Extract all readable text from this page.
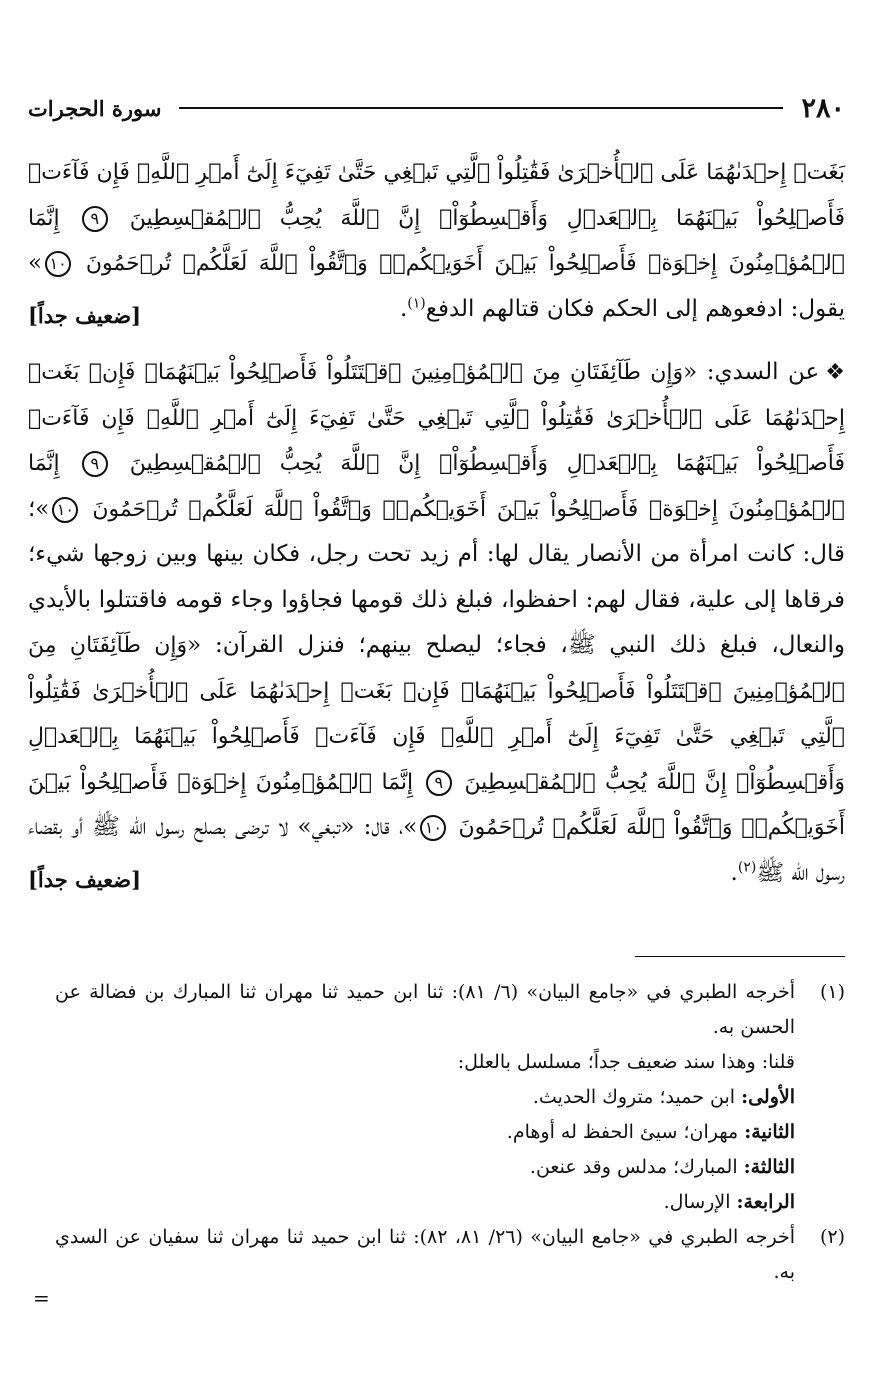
٢٨٠
سورة الحجرات

بَغَتۡ إِحۡدَىٰهُمَا عَلَى ٱلۡأُخۡرَىٰ فَقَٰتِلُواْ ٱلَّتِي تَبۡغِي حَتَّىٰ تَفِيٓءَ إِلَىٰٓ أَمۡرِ ٱللَّهِۚ فَإِن فَآءَتۡ فَأَصۡلِحُواْ بَيۡنَهُمَا بِٱلۡعَدۡلِ وَأَقۡسِطُوٓاْۖ إِنَّ ٱللَّهَ يُحِبُّ ٱلۡمُقۡسِطِينَ ٩ إِنَّمَا ٱلۡمُؤۡمِنُونَ إِخۡوَةٞ فَأَصۡلِحُواْ بَيۡنَ أَخَوَيۡكُمۡۚ وَٱتَّقُواْ ٱللَّهَ لَعَلَّكُمۡ تُرۡحَمُونَ ١٠» يقول: ادفعوهم إلى الحكم فكان قتالهم الدفع$^{(١)}$.
[ضعيف جداً]

❖عن السدي: «وَإِن طَآئِفَتَانِ مِنَ ٱلۡمُؤۡمِنِينَ ٱقۡتَتَلُواْ فَأَصۡلِحُواْ بَيۡنَهُمَاۖ فَإِنۢ بَغَتۡ إِحۡدَىٰهُمَا عَلَى ٱلۡأُخۡرَىٰ فَقَٰتِلُواْ ٱلَّتِي تَبۡغِي حَتَّىٰ تَفِيٓءَ إِلَىٰٓ أَمۡرِ ٱللَّهِۚ فَإِن فَآءَتۡ فَأَصۡلِحُواْ بَيۡنَهُمَا بِٱلۡعَدۡلِ وَأَقۡسِطُوٓاْۖ إِنَّ ٱللَّهَ يُحِبُّ ٱلۡمُقۡسِطِينَ ٩ إِنَّمَا ٱلۡمُؤۡمِنُونَ إِخۡوَةٞ فَأَصۡلِحُواْ بَيۡنَ أَخَوَيۡكُمۡۚ وَٱتَّقُواْ ٱللَّهَ لَعَلَّكُمۡ تُرۡحَمُونَ ١٠»؛ قال: كانت امرأة من الأنصار يقال لها: أم زيد تحت رجل، فكان بينها وبين زوجها شيء؛ فرقاها إلى علية، فقال لهم: احفظوا، فبلغ ذلك قومها فجاؤوا وجاء قومه فاقتتلوا بالأيدي والنعال، فبلغ ذلك النبي ﷺ، فجاء؛ ليصلح بينهم؛ فنزل القرآن: «وَإِن طَآئِفَتَانِ مِنَ ٱلۡمُؤۡمِنِينَ ٱقۡتَتَلُواْ فَأَصۡلِحُواْ بَيۡنَهُمَاۖ فَإِنۢ بَغَتۡ إِحۡدَىٰهُمَا عَلَى ٱلۡأُخۡرَىٰ فَقَٰتِلُواْ ٱلَّتِي تَبۡغِي حَتَّىٰ تَفِيٓءَ إِلَىٰٓ أَمۡرِ ٱللَّهِۚ فَإِن فَآءَتۡ فَأَصۡلِحُواْ بَيۡنَهُمَا بِٱلۡعَدۡلِ وَأَقۡسِطُوٓاْۖ إِنَّ ٱللَّهَ يُحِبُّ ٱلۡمُقۡسِطِينَ ٩ إِنَّمَا ٱلۡمُؤۡمِنُونَ إِخۡوَةٞ فَأَصۡلِحُواْ بَيۡنَ أَخَوَيۡكُمۡۚ وَٱتَّقُواْ ٱللَّهَ لَعَلَّكُمۡ تُرۡحَمُونَ ١٠»، قال: «تبغي» لا ترضى بصلح رسول الله ﷺ أو بقضاء رسول الله ﷺ$^{(٢)}$.
[ضعيف جداً]

(١)
أخرجه الطبري في «جامع البيان» (٦/ ٨١): ثنا ابن حميد ثنا مهران ثنا المبارك بن فضالة عن الحسن به.
قلنا: وهذا سند ضعيف جداً؛ مسلسل بالعلل:
الأولى: ابن حميد؛ متروك الحديث.
الثانية: مهران؛ سيئ الحفظ له أوهام.
الثالثة: المبارك؛ مدلس وقد عنعن.
الرابعة: الإرسال.
(٢)
أخرجه الطبري في «جامع البيان» (٢٦/ ٨١، ٨٢): ثنا ابن حميد ثنا مهران ثنا سفيان عن السدي به.
=
